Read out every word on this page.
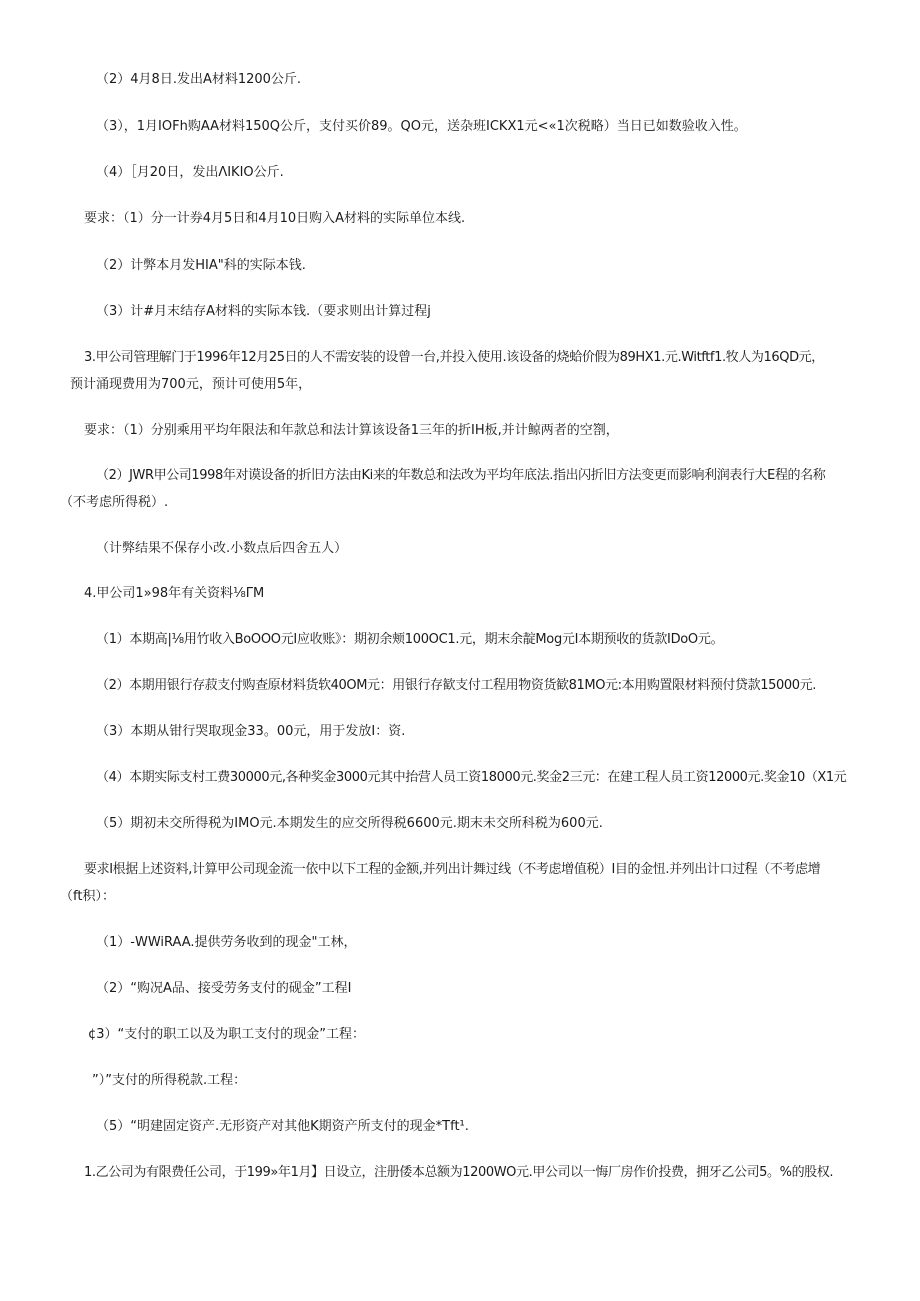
（2）4月8日.发出A材料1200公斤.
（3），1月IOFh购AA材料150Q公斤，支付买价89。QO元，送杂班ICKX1元<«1次税略）当日已如数验收入性。
（4）［月20日，发出ΛIKIO公斤.
要求：（1）分一计券4月5日和4月10日购入A材料的实际单位本线.
（2）计弊本月发HIA"科的实际本钱.
（3）计#月末结存A材料的实际本钱.（要求则出计算过程j
3.甲公司管理解门于1996年12月25日的人不需安装的设曾一台,并投入使用.该设备的烧蛤价假为89HX1.元.Witftf1.牧人为16QD元，
预计涌现费用为700元，预计可使用5年，
要求：（1）分别乘用平均年限法和年款总和法计算该设备1三年的折IH板,并计鲸两者的空劄，
（2）JWR甲公司1998年对谟设备的折旧方法由Ki来的年数总和法改为平均年底法.指出闪折旧方法变更而影响利润表行大E程的名称
（不考虑所得税）.
（计弊结果不保存小改.小数点后四舍五人）
4.甲公司1»98年有关资料⅛ΓM
（1）本期高|⅛用竹收入BoOOO元I应收账》：期初余颊100OC1.元，期末余靛Mog元I本期预收的货款IDoO元。
（2）本期用银行存菽支付购查原材料货软40OM元：用银行存歓支付工程用物资货歓81MO元:本用购置限材料预付贷款15000元.
（3）本期从钳行哭取现金33。00元，用于发放I：资.
（4）本期实际支村工费30000元,各种奖金3000元其中抬营人员工资18000元.奖金2三元：在建工程人员工资12000元.奖金10（X1元
（5）期初未交所得税为IMO元.本期发生的应交所得税6600元.期末未交所科税为600元.
要求I根据上述资料,计算甲公司现金流一依中以下工程的金额,并列出计舞过线（不考虑增值税）I目的金忸.并列出计口过程（不考虑增
（ft积）：
（1）-WWiRAA.提供劳务收到的现金"工林，
（2）“购况A品、接受劳务支付的砚金”工程I
¢3）“支付的职工以及为职工支付的现金”工程：
”）”支付的所得税款.工程：
（5）“明建固定资产.无形资产对其他K期资产所支付的现金*Tft¹.
1.乙公司为有限费任公司，于199»年1月】日设立，注册倭本总额为1200WO元.甲公司以一悔厂房作价投费，拥牙乙公司5。%的股权.
